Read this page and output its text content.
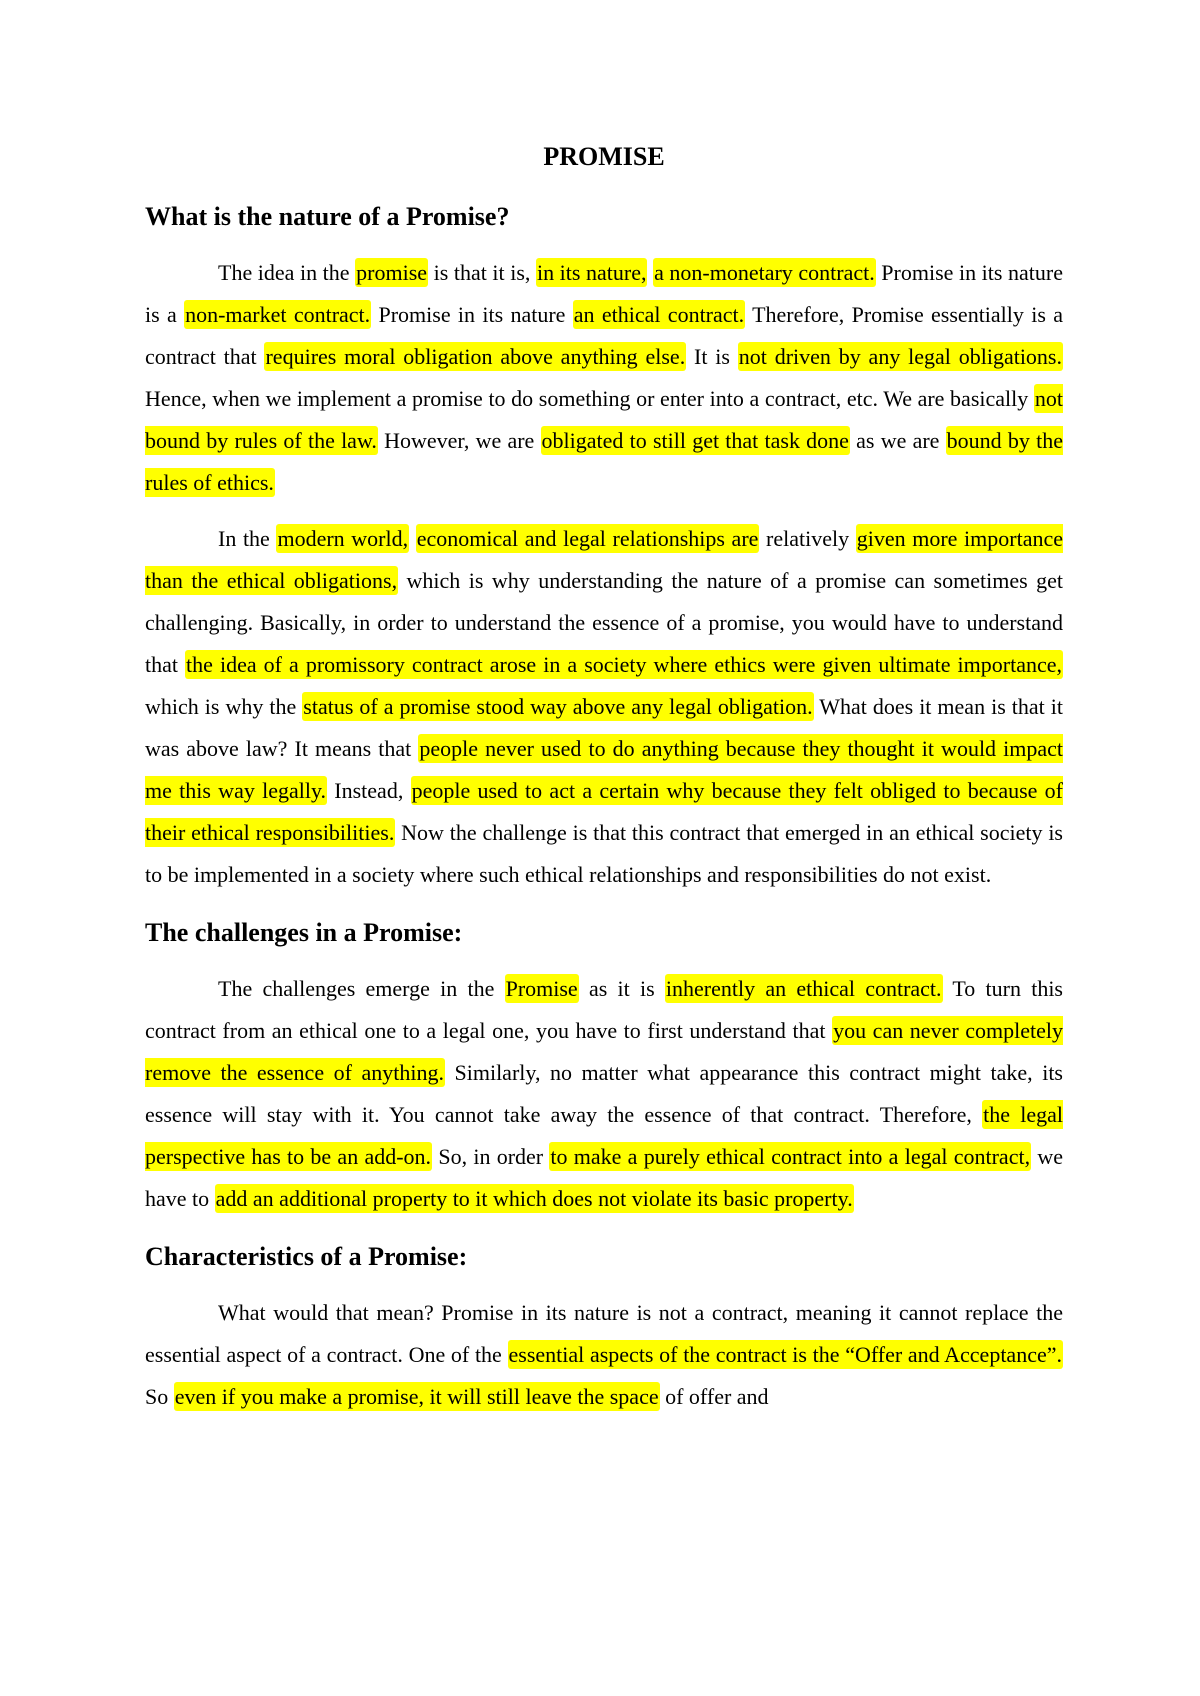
PROMISE
What is the nature of a Promise?

The idea in the promise is that it is, in its nature, a non-monetary contract. Promise in its nature is a non-market contract. Promise in its nature an ethical contract. Therefore, Promise essentially is a contract that requires moral obligation above anything else. It is not driven by any legal obligations. Hence, when we implement a promise to do something or enter into a contract, etc. We are basically not bound by rules of the law. However, we are obligated to still get that task done as we are bound by the rules of ethics.

In the modern world, economical and legal relationships are relatively given more importance than the ethical obligations, which is why understanding the nature of a promise can sometimes get challenging. Basically, in order to understand the essence of a promise, you would have to understand that the idea of a promissory contract arose in a society where ethics were given ultimate importance, which is why the status of a promise stood way above any legal obligation. What does it mean is that it was above law? It means that people never used to do anything because they thought it would impact me this way legally. Instead, people used to act a certain why because they felt obliged to because of their ethical responsibilities. Now the challenge is that this contract that emerged in an ethical society is to be implemented in a society where such ethical relationships and responsibilities do not exist.

The challenges in a Promise:

The challenges emerge in the Promise as it is inherently an ethical contract. To turn this contract from an ethical one to a legal one, you have to first understand that you can never completely remove the essence of anything. Similarly, no matter what appearance this contract might take, its essence will stay with it. You cannot take away the essence of that contract. Therefore, the legal perspective has to be an add-on. So, in order to make a purely ethical contract into a legal contract, we have to add an additional property to it which does not violate its basic property.

Characteristics of a Promise:

What would that mean? Promise in its nature is not a contract, meaning it cannot replace the essential aspect of a contract. One of the essential aspects of the contract is the “Offer and Acceptance”. So even if you make a promise, it will still leave the space of offer and
